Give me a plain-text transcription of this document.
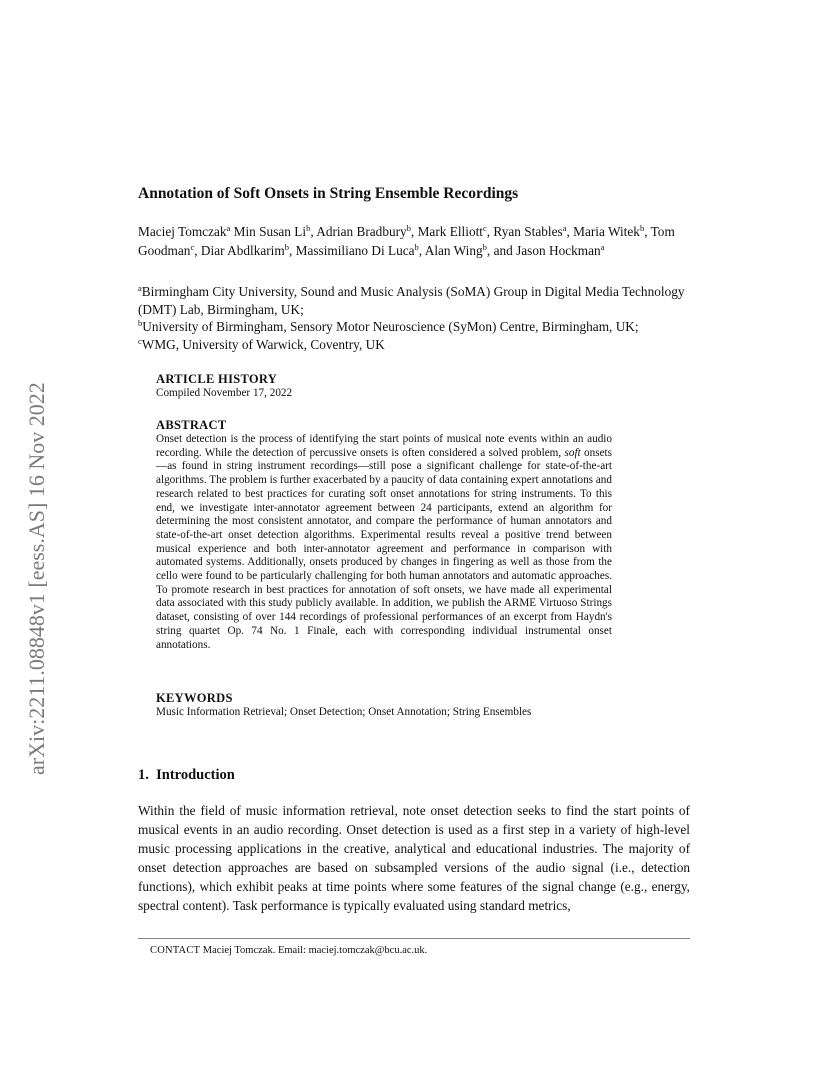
arXiv:2211.08848v1 [eess.AS] 16 Nov 2022
Annotation of Soft Onsets in String Ensemble Recordings
Maciej Tomczak$^a$ Min Susan Li$^b$, Adrian Bradbury$^b$, Mark Elliott$^c$, Ryan Stables$^a$, Maria Witek$^b$, Tom Goodman$^c$, Diar Abdlkarim$^b$, Massimiliano Di Luca$^b$, Alan Wing$^b$, and Jason Hockman$^a$
$^a$Birmingham City University, Sound and Music Analysis (SoMA) Group in Digital Media Technology (DMT) Lab, Birmingham, UK;
$^b$University of Birmingham, Sensory Motor Neuroscience (SyMon) Centre, Birmingham, UK;
$^c$WMG, University of Warwick, Coventry, UK
ARTICLE HISTORY
Compiled November 17, 2022
ABSTRACT
Onset detection is the process of identifying the start points of musical note events within an audio recording. While the detection of percussive onsets is often considered a solved problem, soft onsets—as found in string instrument recordings—still pose a significant challenge for state-of-the-art algorithms. The problem is further exacerbated by a paucity of data containing expert annotations and research related to best practices for curating soft onset annotations for string instruments. To this end, we investigate inter-annotator agreement between 24 participants, extend an algorithm for determining the most consistent annotator, and compare the performance of human annotators and state-of-the-art onset detection algorithms. Experimental results reveal a positive trend between musical experience and both inter-annotator agreement and performance in comparison with automated systems. Additionally, onsets produced by changes in fingering as well as those from the cello were found to be particularly challenging for both human annotators and automatic approaches. To promote research in best practices for annotation of soft onsets, we have made all experimental data associated with this study publicly available. In addition, we publish the ARME Virtuoso Strings dataset, consisting of over 144 recordings of professional performances of an excerpt from Haydn's string quartet Op. 74 No. 1 Finale, each with corresponding individual instrumental onset annotations.
KEYWORDS
Music Information Retrieval; Onset Detection; Onset Annotation; String Ensembles
1. Introduction
Within the field of music information retrieval, note onset detection seeks to find the start points of musical events in an audio recording. Onset detection is used as a first step in a variety of high-level music processing applications in the creative, analytical and educational industries. The majority of onset detection approaches are based on subsampled versions of the audio signal (i.e., detection functions), which exhibit peaks at time points where some features of the signal change (e.g., energy, spectral content). Task performance is typically evaluated using standard metrics,
CONTACT Maciej Tomczak. Email: maciej.tomczak@bcu.ac.uk.
